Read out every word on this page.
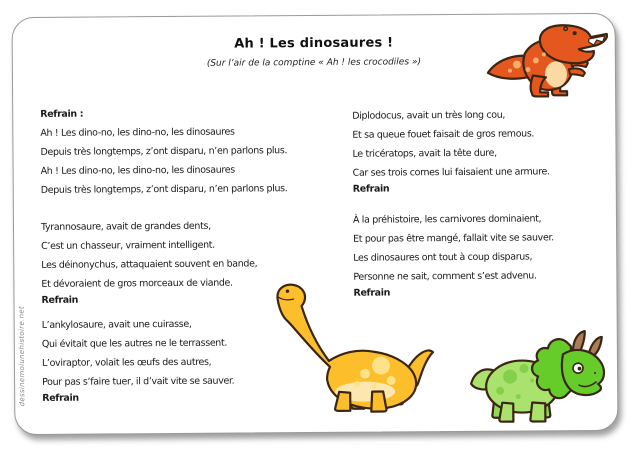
Ah ! Les dinosaures !
(Sur l’air de la comptine « Ah ! les crocodiles »)
dessinemoiunehistoire.net
Refrain :
Ah ! Les dino-no, les dino-no, les dinosaures
Depuis très longtemps, z’ont disparu, n’en parlons plus.
Ah ! Les dino-no, les dino-no, les dinosaures
Depuis très longtemps, z’ont disparu, n’en parlons plus.
Tyrannosaure, avait de grandes dents,
C’est un chasseur, vraiment intelligent.
Les déinonychus, attaquaient souvent en bande,
Et dévoraient de gros morceaux de viande.
Refrain
L’ankylosaure, avait une cuirasse,
Qui évitait que les autres ne le terrassent.
L’oviraptor, volait les œufs des autres,
Pour pas s’faire tuer, il d’vait vite se sauver.
Refrain
Diplodocus, avait un très long cou,
Et sa queue fouet faisait de gros remous.
Le tricératops, avait la tête dure,
Car ses trois cornes lui faisaient une armure.
Refrain
À la préhistoire, les carnivores dominaient,
Et pour pas être mangé, fallait vite se sauver.
Les dinosaures ont tout à coup disparus,
Personne ne sait, comment s’est advenu.
Refrain
